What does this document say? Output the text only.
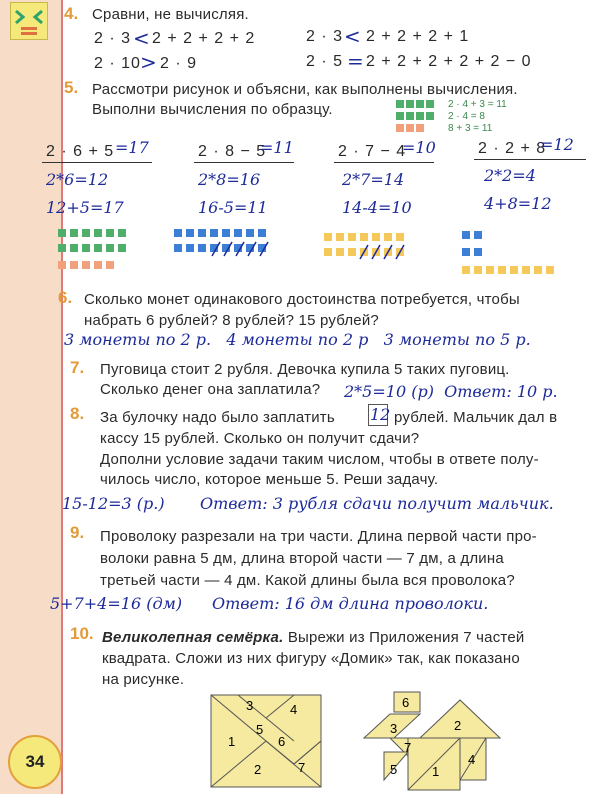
4. Сравни, не вычисляя.
2 · 3 < 2 + 2 + 2 + 2	2 · 3 < 2 + 2 + 2 + 1
2 · 10 > 2 · 9	2 · 5 = 2 + 2 + 2 + 2 + 2 − 0
5. Рассмотри рисунок и объясни, как выполнены вычисления.
Выполни вычисления по образцу.	2 · 4 + 3 = 11
2 · 4 = 8
8 + 3 = 11
2 · 6 + 5 =17
2*6=12
12+5=17
2 · 8 − 5
=11
2*8=16
16-5=11
2 · 7 − 4
=10
2*7=14
14-4=10
2 · 2 + 8
=12
2*2=4
4+8=12
6. Сколько монет одинакового достоинства потребуется, чтобы
набрать 6 рублей? 8 рублей? 15 рублей?
3 монеты по 2 р.   4 монеты по 2 р   3 монеты по 5 р.
7. Пуговица стоит 2 рубля. Девочка купила 5 таких пуговиц.
Сколько денег она заплатила? 2*5=10 (р)  Ответ: 10 р.
8. За булочку надо было заплатить 12 рублей. Мальчик дал в
кассу 15 рублей. Сколько он получит сдачи?
Дополни условие задачи таким числом, чтобы в ответе полу-
чилось число, которое меньше 5. Реши задачу.
15-12=3 (р.) Ответ: 3 рубля сдачи получит мальчик.
9. Проволоку разрезали на три части. Длина первой части про-
волоки равна 5 дм, длина второй части — 7 дм, а длина
третьей части — 4 дм. Какой длины была вся проволока?
5+7+4=16 (дм) Ответ: 16 дм длина проволоки.
10. Великолепная семёрка. Вырежи из Приложения 7 частей
квадрата. Сложи из них фигуру «Домик» так, как показано
на рисунке.
1
2
3	4
5
6
7
6
3	2
7
5	1
4
34
